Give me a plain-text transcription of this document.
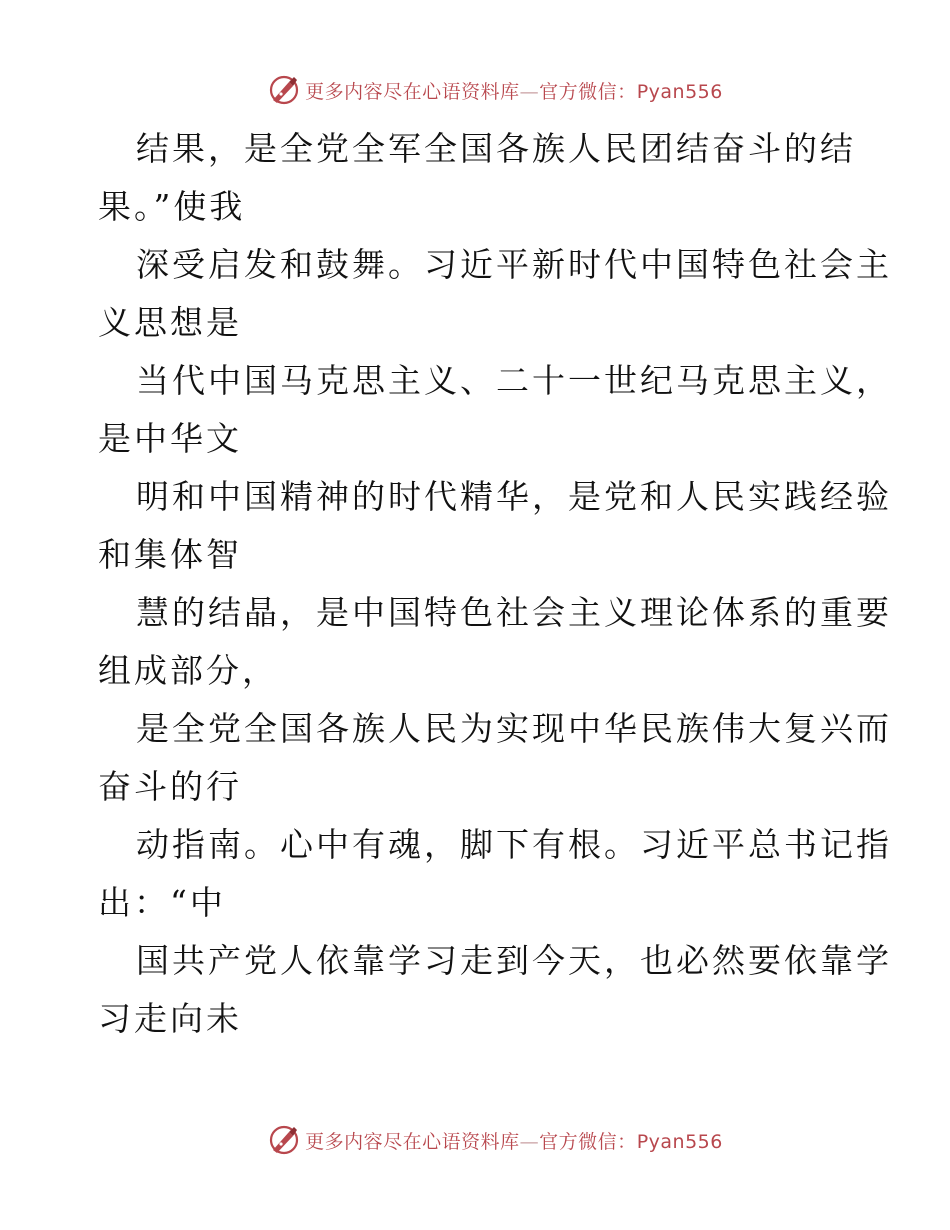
更多内容尽在心语资料库—官方微信：Pyan556
结果，是全党全军全国各族人民团结奋斗的结
果。”使我
深受启发和鼓舞。习近平新时代中国特色社会主
义思想是
当代中国马克思主义、二十一世纪马克思主义，
是中华文
明和中国精神的时代精华，是党和人民实践经验
和集体智
慧的结晶，是中国特色社会主义理论体系的重要
组成部分，
是全党全国各族人民为实现中华民族伟大复兴而
奋斗的行
动指南。心中有魂，脚下有根。习近平总书记指
出：“中
国共产党人依靠学习走到今天，也必然要依靠学
习走向未
更多内容尽在心语资料库—官方微信：Pyan556
